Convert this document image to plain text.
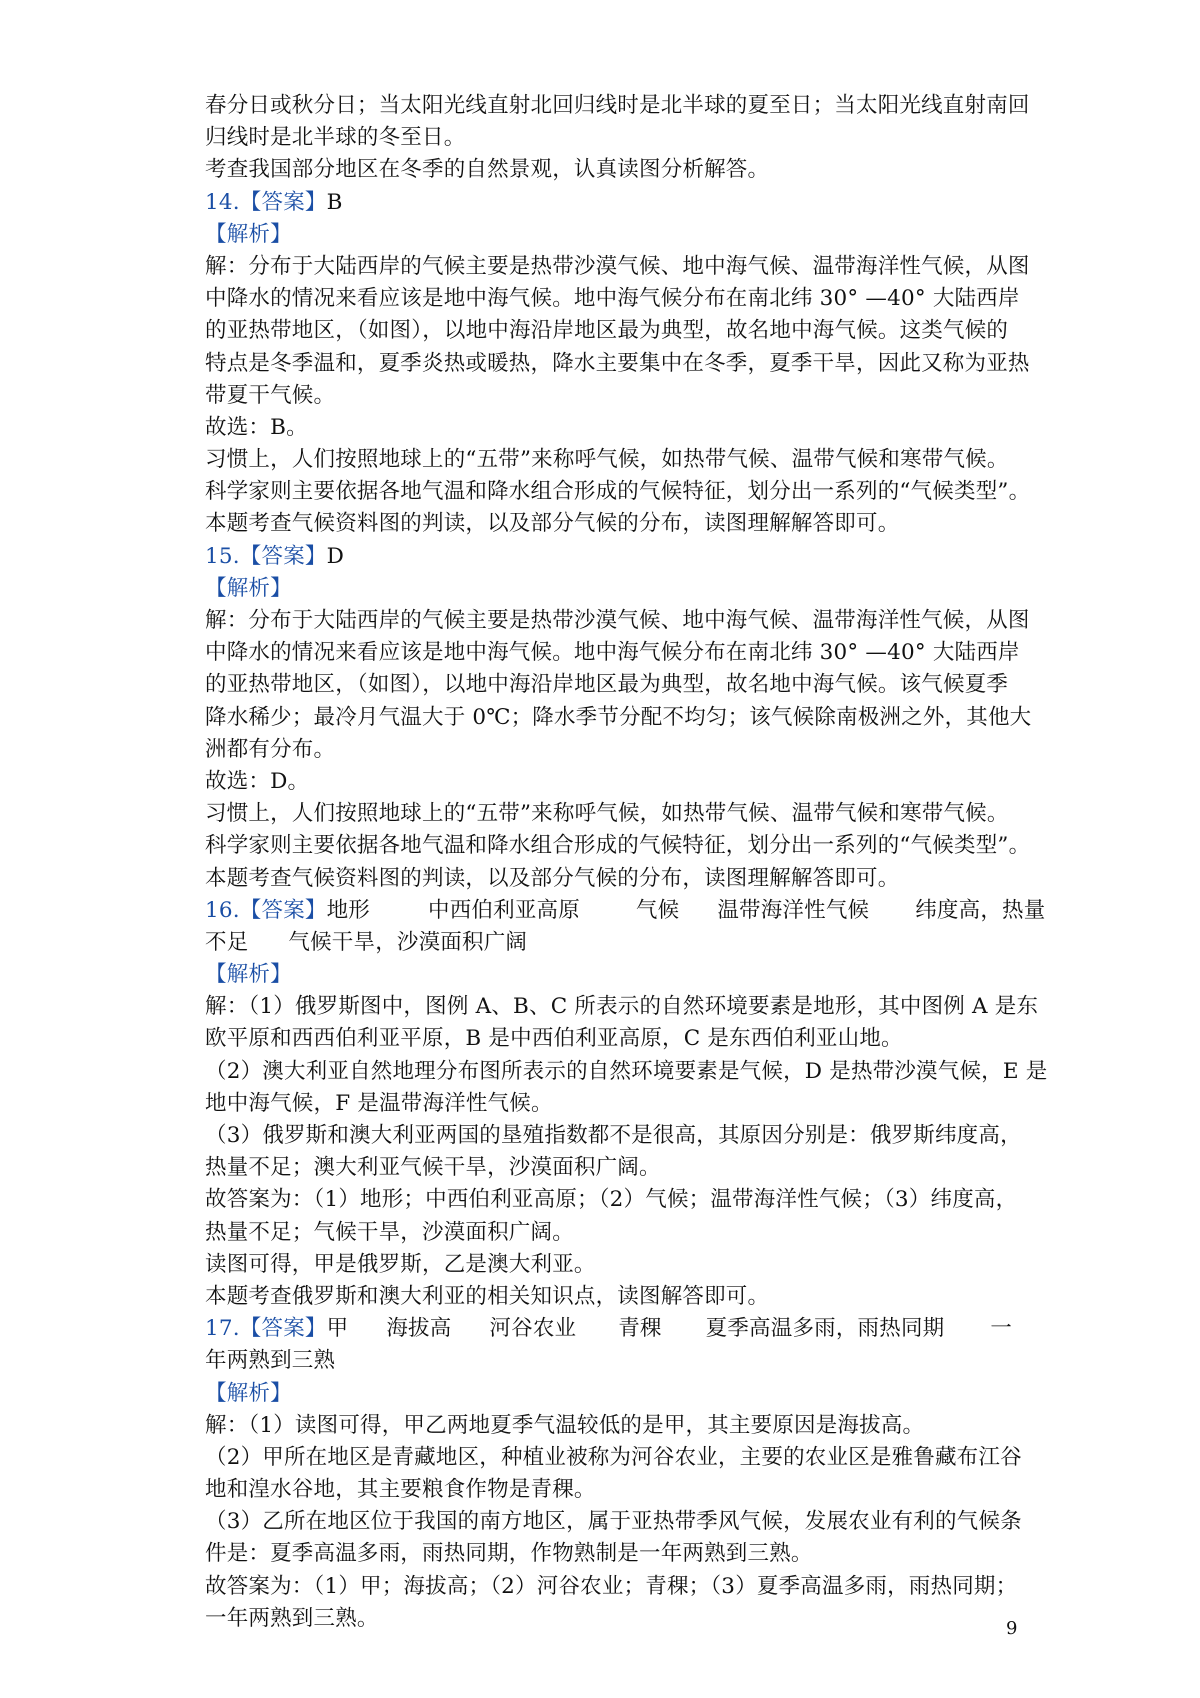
春分日或秋分日；当太阳光线直射北回归线时是北半球的夏至日；当太阳光线直射南回
归线时是北半球的冬至日。
考查我国部分地区在冬季的自然景观，认真读图分析解答。
14.【答案】B
【解析】
解：分布于大陆西岸的气候主要是热带沙漠气候、地中海气候、温带海洋性气候，从图
中降水的情况来看应该是地中海气候。地中海气候分布在南北纬 30° —40° 大陆西岸
的亚热带地区，（如图），以地中海沿岸地区最为典型，故名地中海气候。这类气候的
特点是冬季温和，夏季炎热或暖热，降水主要集中在冬季，夏季干旱，因此又称为亚热
带夏干气候。
故选：B。
习惯上，人们按照地球上的“五带”来称呼气候，如热带气候、温带气候和寒带气候。
科学家则主要依据各地气温和降水组合形成的气候特征，划分出一系列的“气候类型”。
本题考查气候资料图的判读，以及部分气候的分布，读图理解解答即可。
15.【答案】D
【解析】
解：分布于大陆西岸的气候主要是热带沙漠气候、地中海气候、温带海洋性气候，从图
中降水的情况来看应该是地中海气候。地中海气候分布在南北纬 30° —40° 大陆西岸
的亚热带地区，（如图），以地中海沿岸地区最为典型，故名地中海气候。该气候夏季
降水稀少；最冷月气温大于 0℃；降水季节分配不均匀；该气候除南极洲之外，其他大
洲都有分布。
故选：D。
习惯上，人们按照地球上的“五带”来称呼气候，如热带气候、温带气候和寒带气候。
科学家则主要依据各地气温和降水组合形成的气候特征，划分出一系列的“气候类型”。
本题考查气候资料图的判读，以及部分气候的分布，读图理解解答即可。
16.【答案】地形	中西伯利亚高原	气候 温带海洋性气候 纬度高，热量
不足 气候干旱，沙漠面积广阔
【解析】
解：（1）俄罗斯图中，图例 A、B、C 所表示的自然环境要素是地形，其中图例 A 是东
欧平原和西西伯利亚平原，B 是中西伯利亚高原，C 是东西伯利亚山地。
（2）澳大利亚自然地理分布图所表示的自然环境要素是气候，D 是热带沙漠气候，E 是
地中海气候，F 是温带海洋性气候。
（3）俄罗斯和澳大利亚两国的垦殖指数都不是很高，其原因分别是：俄罗斯纬度高，
热量不足；澳大利亚气候干旱，沙漠面积广阔。
故答案为：（1）地形；中西伯利亚高原；（2）气候；温带海洋性气候；（3）纬度高，
热量不足；气候干旱，沙漠面积广阔。
读图可得，甲是俄罗斯，乙是澳大利亚。
本题考查俄罗斯和澳大利亚的相关知识点，读图解答即可。
17.【答案】甲 海拔高 河谷农业 青稞 夏季高温多雨，雨热同期 一
年两熟到三熟
【解析】
解：（1）读图可得，甲乙两地夏季气温较低的是甲，其主要原因是海拔高。
（2）甲所在地区是青藏地区，种植业被称为河谷农业，主要的农业区是雅鲁藏布江谷
地和湟水谷地，其主要粮食作物是青稞。
（3）乙所在地区位于我国的南方地区，属于亚热带季风气候，发展农业有利的气候条
件是：夏季高温多雨，雨热同期，作物熟制是一年两熟到三熟。
故答案为：（1）甲；海拔高；（2）河谷农业；青稞；（3）夏季高温多雨，雨热同期；
一年两熟到三熟。	9
